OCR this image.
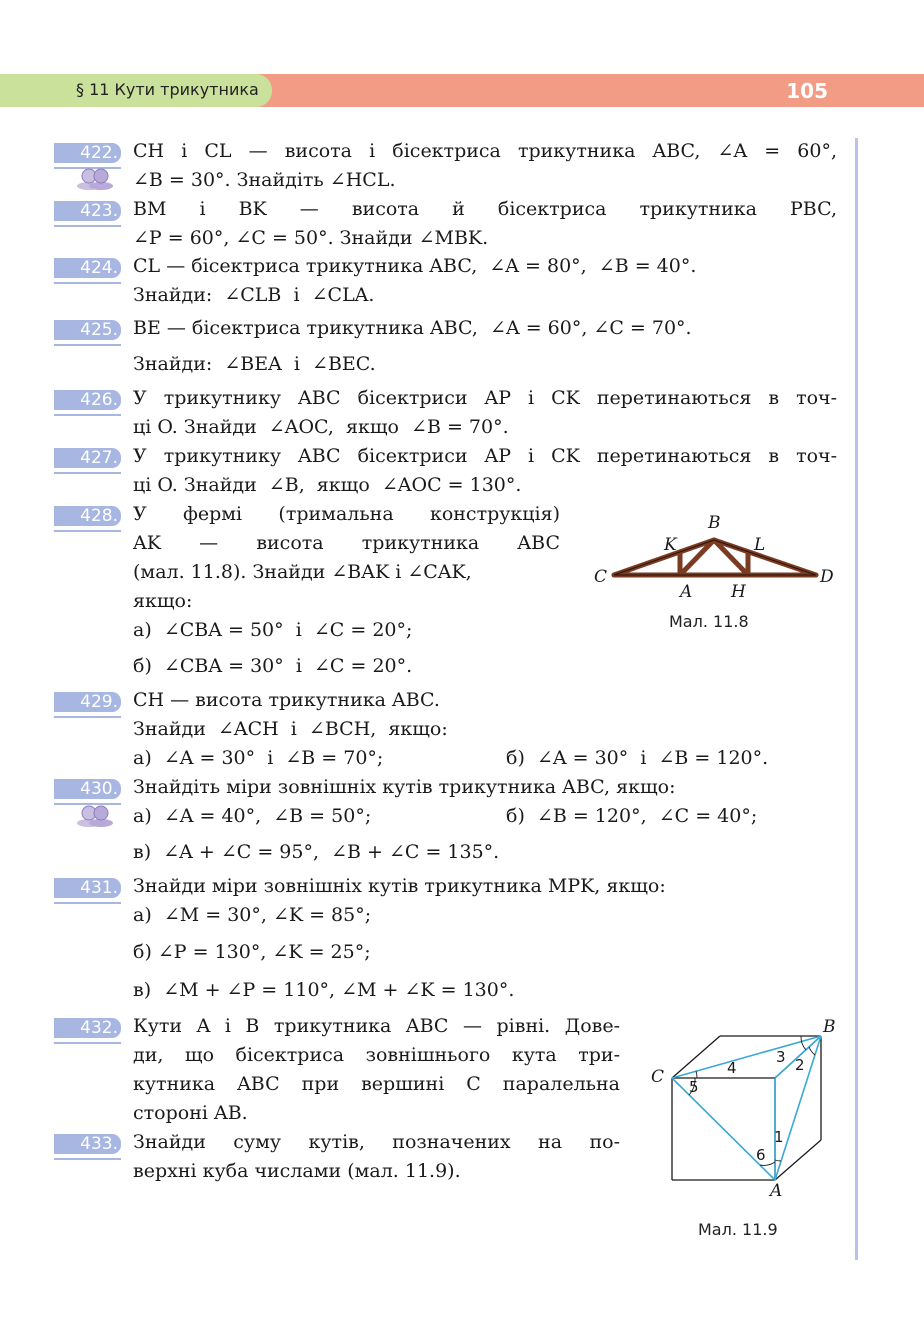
§ 11 Кути трикутника	105
422. CH і CL — висота і бісектриса трикутника ABC, ∠A = 60°,
∠B = 30°. Знайдіть ∠HCL.
423. BM і BK — висота й бісектриса трикутника PBC,
∠P = 60°, ∠C = 50°. Знайди ∠MBK.
424. CL — бісектриса трикутника ABC,  ∠A = 80°,  ∠B = 40°.
Знайди:  ∠CLB  і  ∠CLA.
425. BE — бісектриса трикутника ABC,  ∠A = 60°, ∠C = 70°.
Знайди:  ∠BEA  і  ∠BEC.
426. У трикутнику ABC бісектриси AP і CK перетинаються в точ-
ці O. Знайди  ∠AOC,  якщо  ∠B = 70°.
427. У трикутнику ABC бісектриси AP і CK перетинаються в точ-
ці O. Знайди  ∠B,  якщо  ∠AOC = 130°.
428. У фермі (тримальна конструкція)
AK — висота трикутника ABC
(мал. 11.8). Знайди ∠BAK і ∠CAK,
якщо:
а)  ∠CBA = 50°  і  ∠C = 20°;
б)  ∠CBA = 30°  і  ∠C = 20°.
B
K	L
C	D
A H
Мал. 11.8
429. CH — висота трикутника ABC.
Знайди  ∠ACH  і  ∠BCH,  якщо:
а)  ∠A = 30°  і  ∠B = 70°;	б)  ∠A = 30°  і  ∠B = 120°.
430. Знайдіть міри зовнішніх кутів трикутника ABC, якщо:
а)  ∠A = 40°,  ∠B = 50°;	б)  ∠B = 120°,  ∠C = 40°;
в)  ∠A + ∠C = 95°,  ∠B + ∠C = 135°.
431. Знайди міри зовнішніх кутів трикутника MPK, якщо:
а)  ∠M = 30°, ∠K = 85°;
б) ∠P = 130°, ∠K = 25°;
в)  ∠M + ∠P = 110°, ∠M + ∠K = 130°.
432. Кути A і B трикутника ABC — рівні. Дове-
ди, що бісектриса зовнішнього кута три-
кутника ABC при вершині C паралельна
стороні AB.
433. Знайди суму кутів, позначених на по-
верхні куба числами (мал. 11.9).
B
C
A
4
5
3 2
1
6
Мал. 11.9
